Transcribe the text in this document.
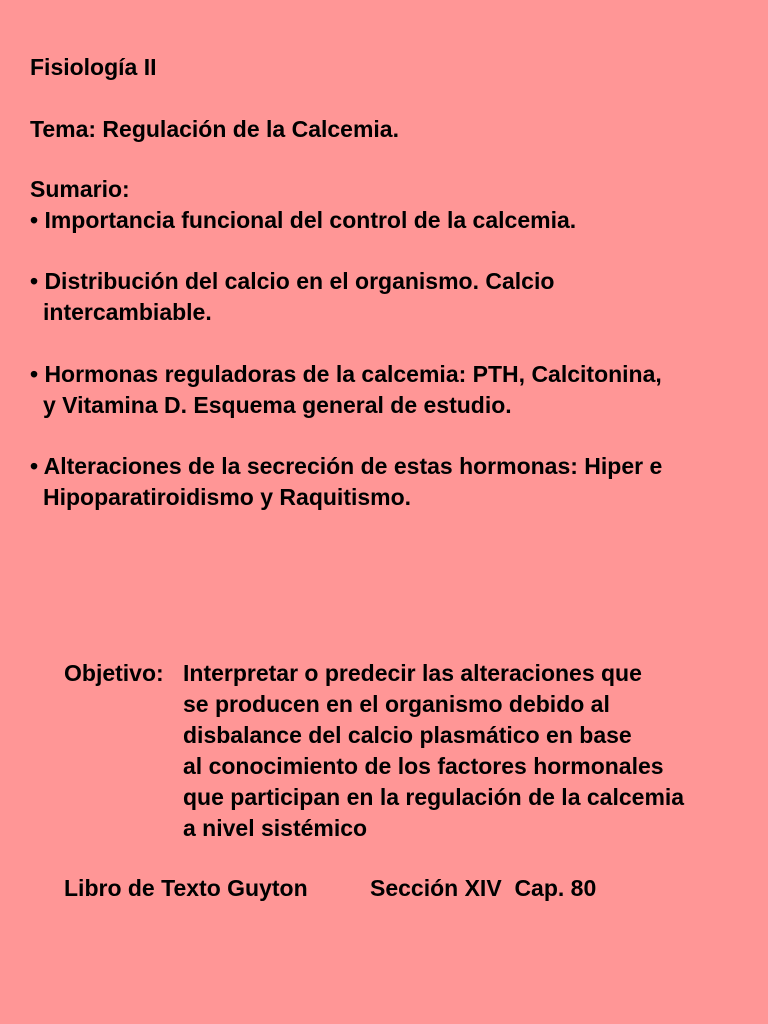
Fisiología II
Tema: Regulación de la Calcemia.
Sumario:
• Importancia funcional del control de la calcemia.
• Distribución del calcio en el organismo. Calcio
intercambiable.
• Hormonas reguladoras de la calcemia: PTH, Calcitonina,
y Vitamina D. Esquema general de estudio.
• Alteraciones de la secreción de estas hormonas: Hiper e
Hipoparatiroidismo y Raquitismo.
Objetivo: Interpretar o predecir las alteraciones que
se producen en el organismo debido al
disbalance del calcio plasmático en base
al conocimiento de los factores hormonales
que participan en la regulación de la calcemia
a nivel sistémico
Libro de Texto Guyton	Sección XIV  Cap. 80
